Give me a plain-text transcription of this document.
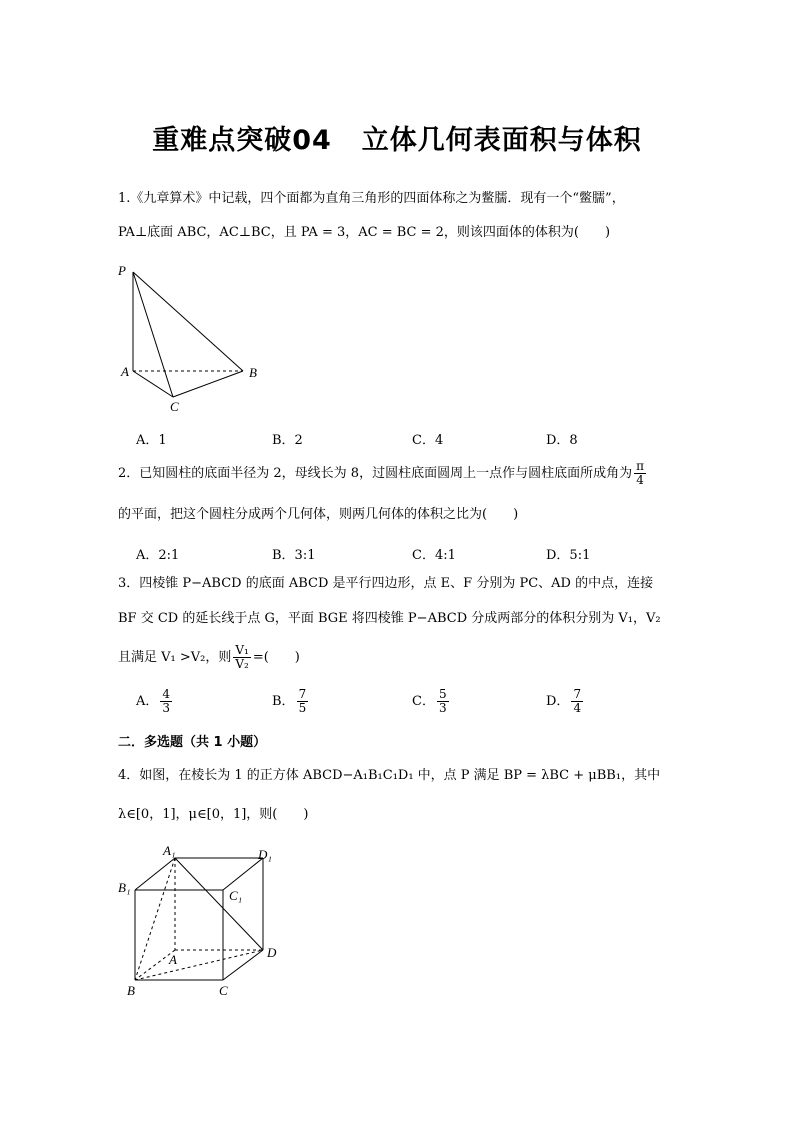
重难点突破04 立体几何表面积与体积
1.《九章算术》中记载，四个面都为直角三角形的四面体称之为鳖臑．现有一个“鳖臑”，
PA⊥底面 ABC，AC⊥BC，且 PA = 3，AC = BC = 2，则该四面体的体积为(　　)
P
A	B
C
A．1	B．2	C．4	D．8
2．已知圆柱的底面半径为 2，母线长为 8，过圆柱底面圆周上一点作与圆柱底面所成角为 $\frac{\pi}{4}$
的平面，把这个圆柱分成两个几何体，则两几何体的体积之比为(　　)
A．2:1	B．3:1	C．4:1	D．5:1
3．四棱锥 P−ABCD 的底面 ABCD 是平行四边形，点 E、F 分别为 PC、AD 的中点，连接
BF 交 CD 的延长线于点 G，平面 BGE 将四棱锥 P−ABCD 分成两部分的体积分别为 V₁，V₂
且满足 V₁ >V₂，则 $\frac{\text{V₁}}{\text{V₂}}$ =(　　)
A． $\frac{4}{3}$	B． $\frac{7}{5}$	C． $\frac{5}{3}$	D． $\frac{7}{4}$
二．多选题（共 1 小题）
4．如图，在棱长为 1 的正方体 ABCD−A₁B₁C₁D₁ 中，点 P 满足 BP = λBC + μBB₁，其中
λ∈[0，1]，μ∈[0，1]，则(　　)
A₁	D₁
B₁
C₁
A	D
B	C
